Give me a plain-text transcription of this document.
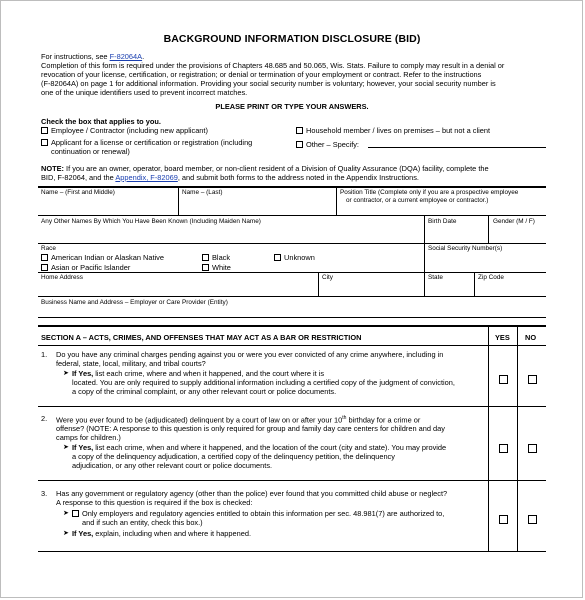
BACKGROUND INFORMATION DISCLOSURE (BID)
For instructions, see F-82064A.
Completion of this form is required under the provisions of Chapters 48.685 and 50.065, Wis. Stats. Failure to comply may result in a denial or
revocation of your license, certification, or registration; or denial or termination of your employment or contract. Refer to the instructions
(F-82064A) on page 1 for additional information. Providing your social security number is voluntary; however, your social security number is
one of the unique identifiers used to prevent incorrect matches.
PLEASE PRINT OR TYPE YOUR ANSWERS.
Check the box that applies to you.
Employee / Contractor (including new applicant)
Applicant for a license or certification or registration (including
continuation or renewal)
Household member / lives on premises – but not a client
Other – Specify:
NOTE: If you are an owner, operator, board member, or non-client resident of a Division of Quality Assurance (DQA) facility, complete the
BID, F-82064, and the Appendix, F-82069, and submit both forms to the address noted in the Appendix Instructions.
Name – (First and Middle)	Name – (Last)	Position Title (Complete only if you are a prospective employee
or contractor, or a current employee or contractor.)
Any Other Names By Which You Have Been Known (Including Maiden Name)	Birth Date	Gender (M / F)
Race	Social Security Number(s)
American Indian or Alaskan Native
Asian or Pacific Islander
Black
White
Unknown
Home Address	City	State	Zip Code
Business Name and Address – Employer or Care Provider (Entity)
SECTION A – ACTS, CRIMES, AND OFFENSES THAT MAY ACT AS A BAR OR RESTRICTION	YES NO
1. Do you have any criminal charges pending against you or were you ever convicted of any crime anywhere, including in
federal, state, local, military, and tribal courts?
➤ If Yes, list each crime, where and when it happened, and the court where it is
located. You are only required to supply additional information including a certified copy of the judgment of conviction,
a copy of the criminal complaint, or any other relevant court or police documents.
2. Were you ever found to be (adjudicated) delinquent by a court of law on or after your 10th birthday for a crime or
offense? (NOTE: A response to this question is only required for group and family day care centers for children and day
camps for children.)
➤ If Yes, list each crime, when and where it happened, and the location of the court (city and state). You may provide
a copy of the delinquency adjudication, a certified copy of the delinquency petition, the delinquency
adjudication, or any other relevant court or police documents.
3. Has any government or regulatory agency (other than the police) ever found that you committed child abuse or neglect?
A response to this question is required if the box is checked:
➤	Only employers and regulatory agencies entitled to obtain this information per sec. 48.981(7) are authorized to,
and if such an entity, check this box.)
➤ If Yes, explain, including when and where it happened.
